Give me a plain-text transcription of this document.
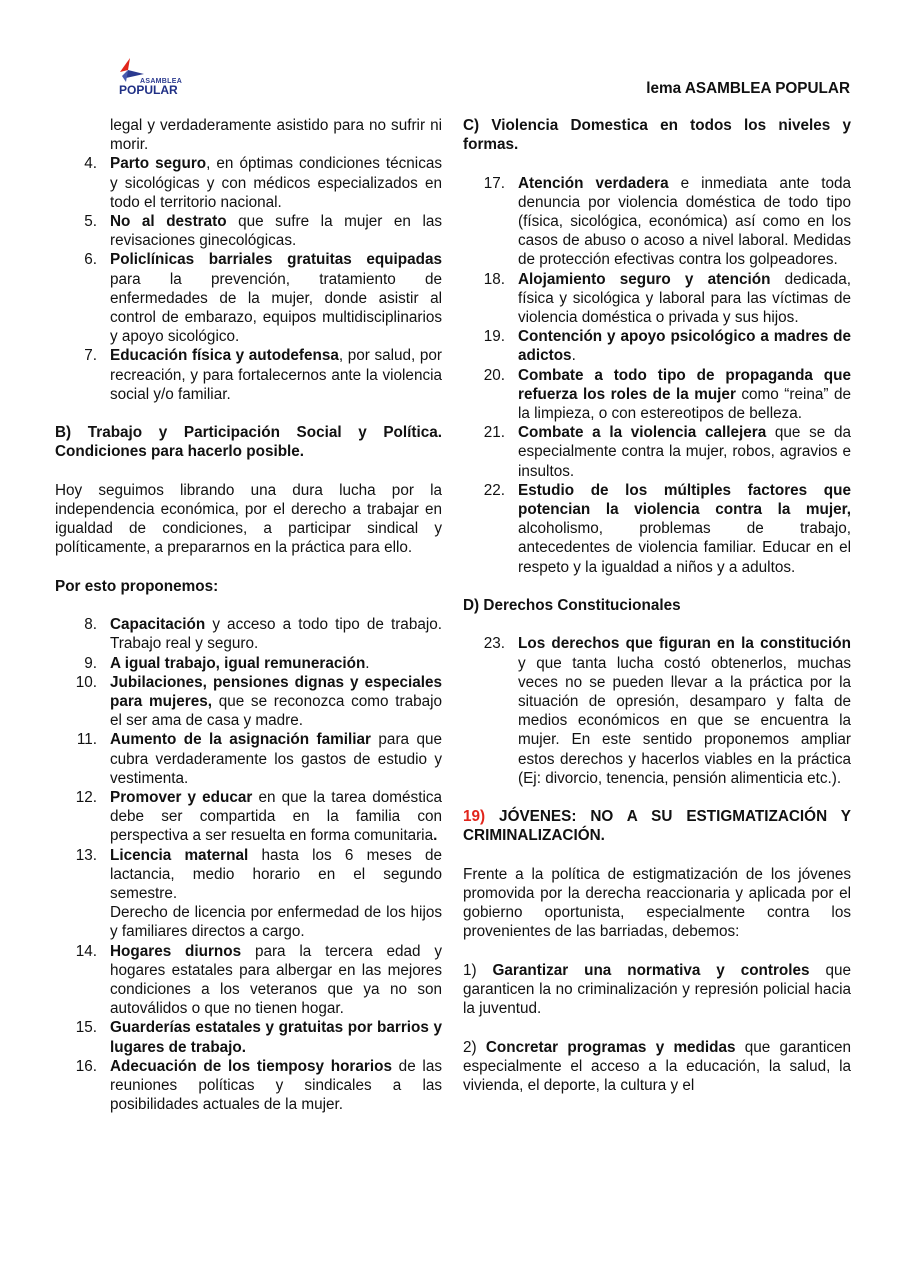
ASAMBLEA
POPULAR	lema ASAMBLEA POPULAR

legal y verdaderamente asistido para no sufrir ni morir.

4. Parto seguro, en óptimas condiciones técnicas y sicológicas y con médicos especializados en todo el territorio nacional.
5. No al destrato que sufre la mujer en las revisaciones ginecológicas.
6. Policlínicas barriales gratuitas equipadas para la prevención, tratamiento de enfermedades de la mujer, donde asistir al control de embarazo, equipos multidisciplinarios y apoyo sicológico.
7. Educación física y autodefensa, por salud, por recreación, y para fortalecernos ante la violencia social y/o familiar.

B) Trabajo y Participación Social y Política. Condiciones para hacerlo posible.

Hoy seguimos librando una dura lucha por la independencia económica, por el derecho a trabajar en igualdad de condiciones, a participar sindical y políticamente, a prepararnos en la práctica para ello.

Por esto proponemos:

8. Capacitación y acceso a todo tipo de trabajo. Trabajo real y seguro.
9. A igual trabajo, igual remuneración.
10. Jubilaciones, pensiones dignas y especiales para mujeres, que se reconozca como trabajo el ser ama de casa y madre.
11. Aumento de la asignación familiar para que cubra verdaderamente los gastos de estudio y vestimenta.
12. Promover y educar en que la tarea doméstica debe ser compartida en la familia con perspectiva a ser resuelta en forma comunitaria.
13. Licencia maternal hasta los 6 meses de lactancia, medio horario en el segundo semestre.
Derecho de licencia por enfermedad de los hijos y familiares directos a cargo.
14. Hogares diurnos para la tercera edad y hogares estatales para albergar en las mejores condiciones a los veteranos que ya no son autoválidos o que no tienen hogar.
15. Guarderías estatales y gratuitas por barrios y lugares de trabajo.
16. Adecuación de los tiemposy horarios de las reuniones políticas y sindicales a las posibilidades actuales de la mujer.

C) Violencia Domestica en todos los niveles y formas.

17. Atención verdadera e inmediata ante toda denuncia por violencia doméstica de todo tipo (física, sicológica, económica) así como en los casos de abuso o acoso a nivel laboral. Medidas de protección efectivas contra los golpeadores.
18. Alojamiento seguro y atención dedicada, física y sicológica y laboral para las víctimas de violencia doméstica o privada y sus hijos.
19. Contención y apoyo psicológico a madres de adictos.
20. Combate a todo tipo de propaganda que refuerza los roles de la mujer como “reina” de la limpieza, o con estereotipos de belleza.
21. Combate a la violencia callejera que se da especialmente contra la mujer, robos, agravios e insultos.
22. Estudio de los múltiples factores que potencian la violencia contra la mujer, alcoholismo, problemas de trabajo, antecedentes de violencia familiar. Educar en el respeto y la igualdad a niños y a adultos.

D) Derechos Constitucionales

23. Los derechos que figuran en la constitución y que tanta lucha costó obtenerlos, muchas veces no se pueden llevar a la práctica por la situación de opresión, desamparo y falta de medios económicos en que se encuentra la mujer. En este sentido proponemos ampliar estos derechos y hacerlos viables en la práctica (Ej: divorcio, tenencia, pensión alimenticia etc.).

19) JÓVENES: NO A SU ESTIGMATIZACIÓN Y CRIMINALIZACIÓN.

Frente a la política de estigmatización de los jóvenes promovida por la derecha reaccionaria y aplicada por el gobierno oportunista, especialmente contra los provenientes de las barriadas, debemos:

1) Garantizar una normativa y controles que garanticen la no criminalización y represión policial hacia la juventud.

2) Concretar programas y medidas que garanticen especialmente el acceso a la educación, la salud, la vivienda, el deporte, la cultura y el
